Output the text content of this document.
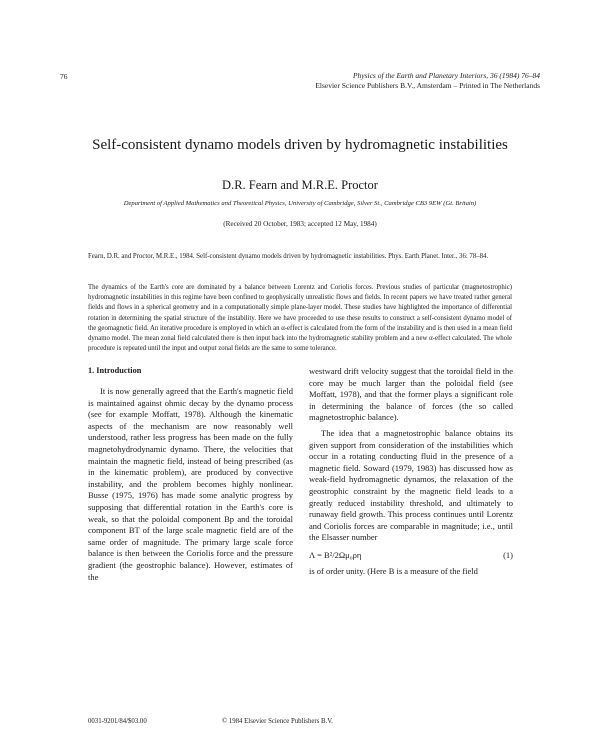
76	Physics of the Earth and Planetary Interiors, 36 (1984) 76–84
Elsevier Science Publishers B.V., Amsterdam – Printed in The Netherlands
Self-consistent dynamo models driven by hydromagnetic instabilities
D.R. Fearn and M.R.E. Proctor
Department of Applied Mathematics and Theoretical Physics, University of Cambridge, Silver St., Cambridge CB3 9EW (Gt. Britain)
(Received 20 October, 1983; accepted 12 May, 1984)
Fearn, D.R. and Proctor, M.R.E., 1984. Self-consistent dynamo models driven by hydromagnetic instabilities. Phys. Earth Planet. Inter., 36: 78–84.
The dynamics of the Earth's core are dominated by a balance between Lorentz and Coriolis forces. Previous studies of particular (magnetostrophic) hydromagnetic instabilities in this regime have been confined to geophysically unrealistic flows and fields. In recent papers we have treated rather general fields and flows in a spherical geometry and in a computationally simple plane-layer model. These studies have highlighted the importance of differential rotation in determining the spatial structure of the instability. Here we have proceeded to use these results to construct a self-consistent dynamo model of the geomagnetic field. An iterative procedure is employed in which an α-effect is calculated from the form of the instability and is then used in a mean field dynamo model. The mean zonal field calculated there is then input back into the hydromagnetic stability problem and a new α-effect calculated. The whole procedure is repeated until the input and output zonal fields are the same to some tolerance.
1. Introduction
It is now generally agreed that the Earth's magnetic field is maintained against ohmic decay by the dynamo process (see for example Moffatt, 1978). Although the kinematic aspects of the mechanism are now reasonably well understood, rather less progress has been made on the fully magnetohydrodynamic dynamo. There, the velocities that maintain the magnetic field, instead of being prescribed (as in the kinematic problem), are produced by convective instability, and the problem becomes highly nonlinear. Busse (1975, 1976) has made some analytic progress by supposing that differential rotation in the Earth's core is weak, so that the poloidal component Bp and the toroidal component BT of the large scale magnetic field are of the same order of magnitude. The primary large scale force balance is then between the Coriolis force and the pressure gradient (the geostrophic balance). However, estimates of the

westward drift velocity suggest that the toroidal field in the core may be much larger than the poloidal field (see Moffatt, 1978), and that the former plays a significant role in determining the balance of forces (the so called magnetostrophic balance).

The idea that a magnetostrophic balance obtains its given support from consideration of the instabilities which occur in a rotating conducting fluid in the presence of a magnetic field. Soward (1979, 1983) has discussed how as weak-field hydromagnetic dynamos, the relaxation of the geostrophic constraint by the magnetic field leads to a greatly reduced instability threshold, and ultimately to runaway field growth. This process continues until Lorentz and Coriolis forces are comparable in magnitude; i.e., until the Elsasser number

Λ = B²/2Ωμ₀ρη	(1)

is of order unity. (Here B is a measure of the field

0031-9201/84/$03.00	© 1984 Elsevier Science Publishers B.V.
